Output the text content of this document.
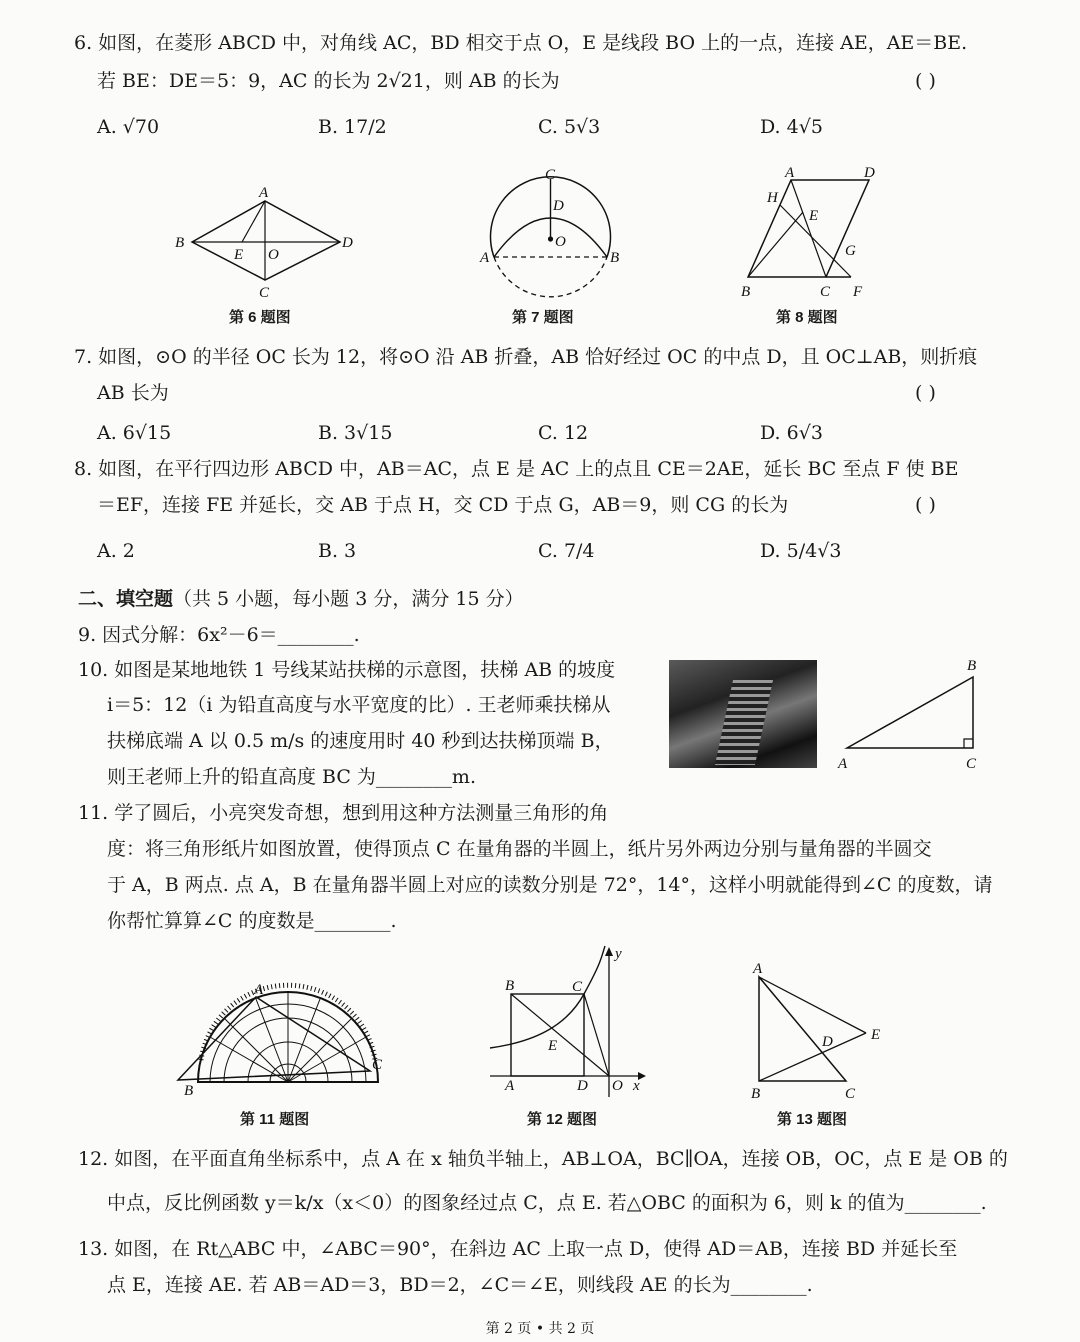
6. 如图，在菱形 ABCD 中，对角线 AC，BD 相交于点 O，E 是线段 BO 上的一点，连接 AE，AE＝BE.
若 BE：DE＝5：9，AC 的长为 2√21，则 AB 的长为	( )
A. √70	B. 17/2	C. 5√3	D. 4√5
A
B
C
D
E O
第 6 题图
C
D
O
A	B
第 7 题图
A	D
H
E
G
B	C F
第 8 题图
7. 如图，⊙O 的半径 OC 长为 12，将⊙O 沿 AB 折叠，AB 恰好经过 OC 的中点 D，且 OC⊥AB，则折痕
AB 长为	( )
A. 6√15	B. 3√15	C. 12	D. 6√3
8. 如图，在平行四边形 ABCD 中，AB＝AC，点 E 是 AC 上的点且 CE＝2AE，延长 BC 至点 F 使 BE
＝EF，连接 FE 并延长，交 AB 于点 H，交 CD 于点 G，AB＝9，则 CG 的长为	( )
A. 2	B. 3	C. 7/4	D. 5/4√3
二、填空题（共 5 小题，每小题 3 分，满分 15 分）
9. 因式分解：6x²－6＝________.
10. 如图是某地地铁 1 号线某站扶梯的示意图，扶梯 AB 的坡度
i＝5：12（i 为铅直高度与水平宽度的比）. 王老师乘扶梯从
扶梯底端 A 以 0.5 m/s 的速度用时 40 秒到达扶梯顶端 B，
则王老师上升的铅直高度 BC 为________m.
B
A	C
11. 学了圆后，小亮突发奇想，想到用这种方法测量三角形的角
度：将三角形纸片如图放置，使得顶点 C 在量角器的半圆上，纸片另外两边分别与量角器的半圆交
于 A，B 两点. 点 A，B 在量角器半圆上对应的读数分别是 72°，14°，这样小明就能得到∠C 的度数，请
你帮忙算算∠C 的度数是________.
A
B
C
第 11 题图
y
B	C
E
A	D O x
第 12 题图
A
E
D
B	C
第 13 题图
12. 如图，在平面直角坐标系中，点 A 在 x 轴负半轴上，AB⊥OA，BC∥OA，连接 OB，OC，点 E 是 OB 的
中点，反比例函数 y＝k/x（x＜0）的图象经过点 C，点 E. 若△OBC 的面积为 6，则 k 的值为________.
13. 如图，在 Rt△ABC 中，∠ABC＝90°，在斜边 AC 上取一点 D，使得 AD＝AB，连接 BD 并延长至
点 E，连接 AE. 若 AB＝AD＝3，BD＝2，∠C＝∠E，则线段 AE 的长为________.
第 2 页 • 共 2 页
